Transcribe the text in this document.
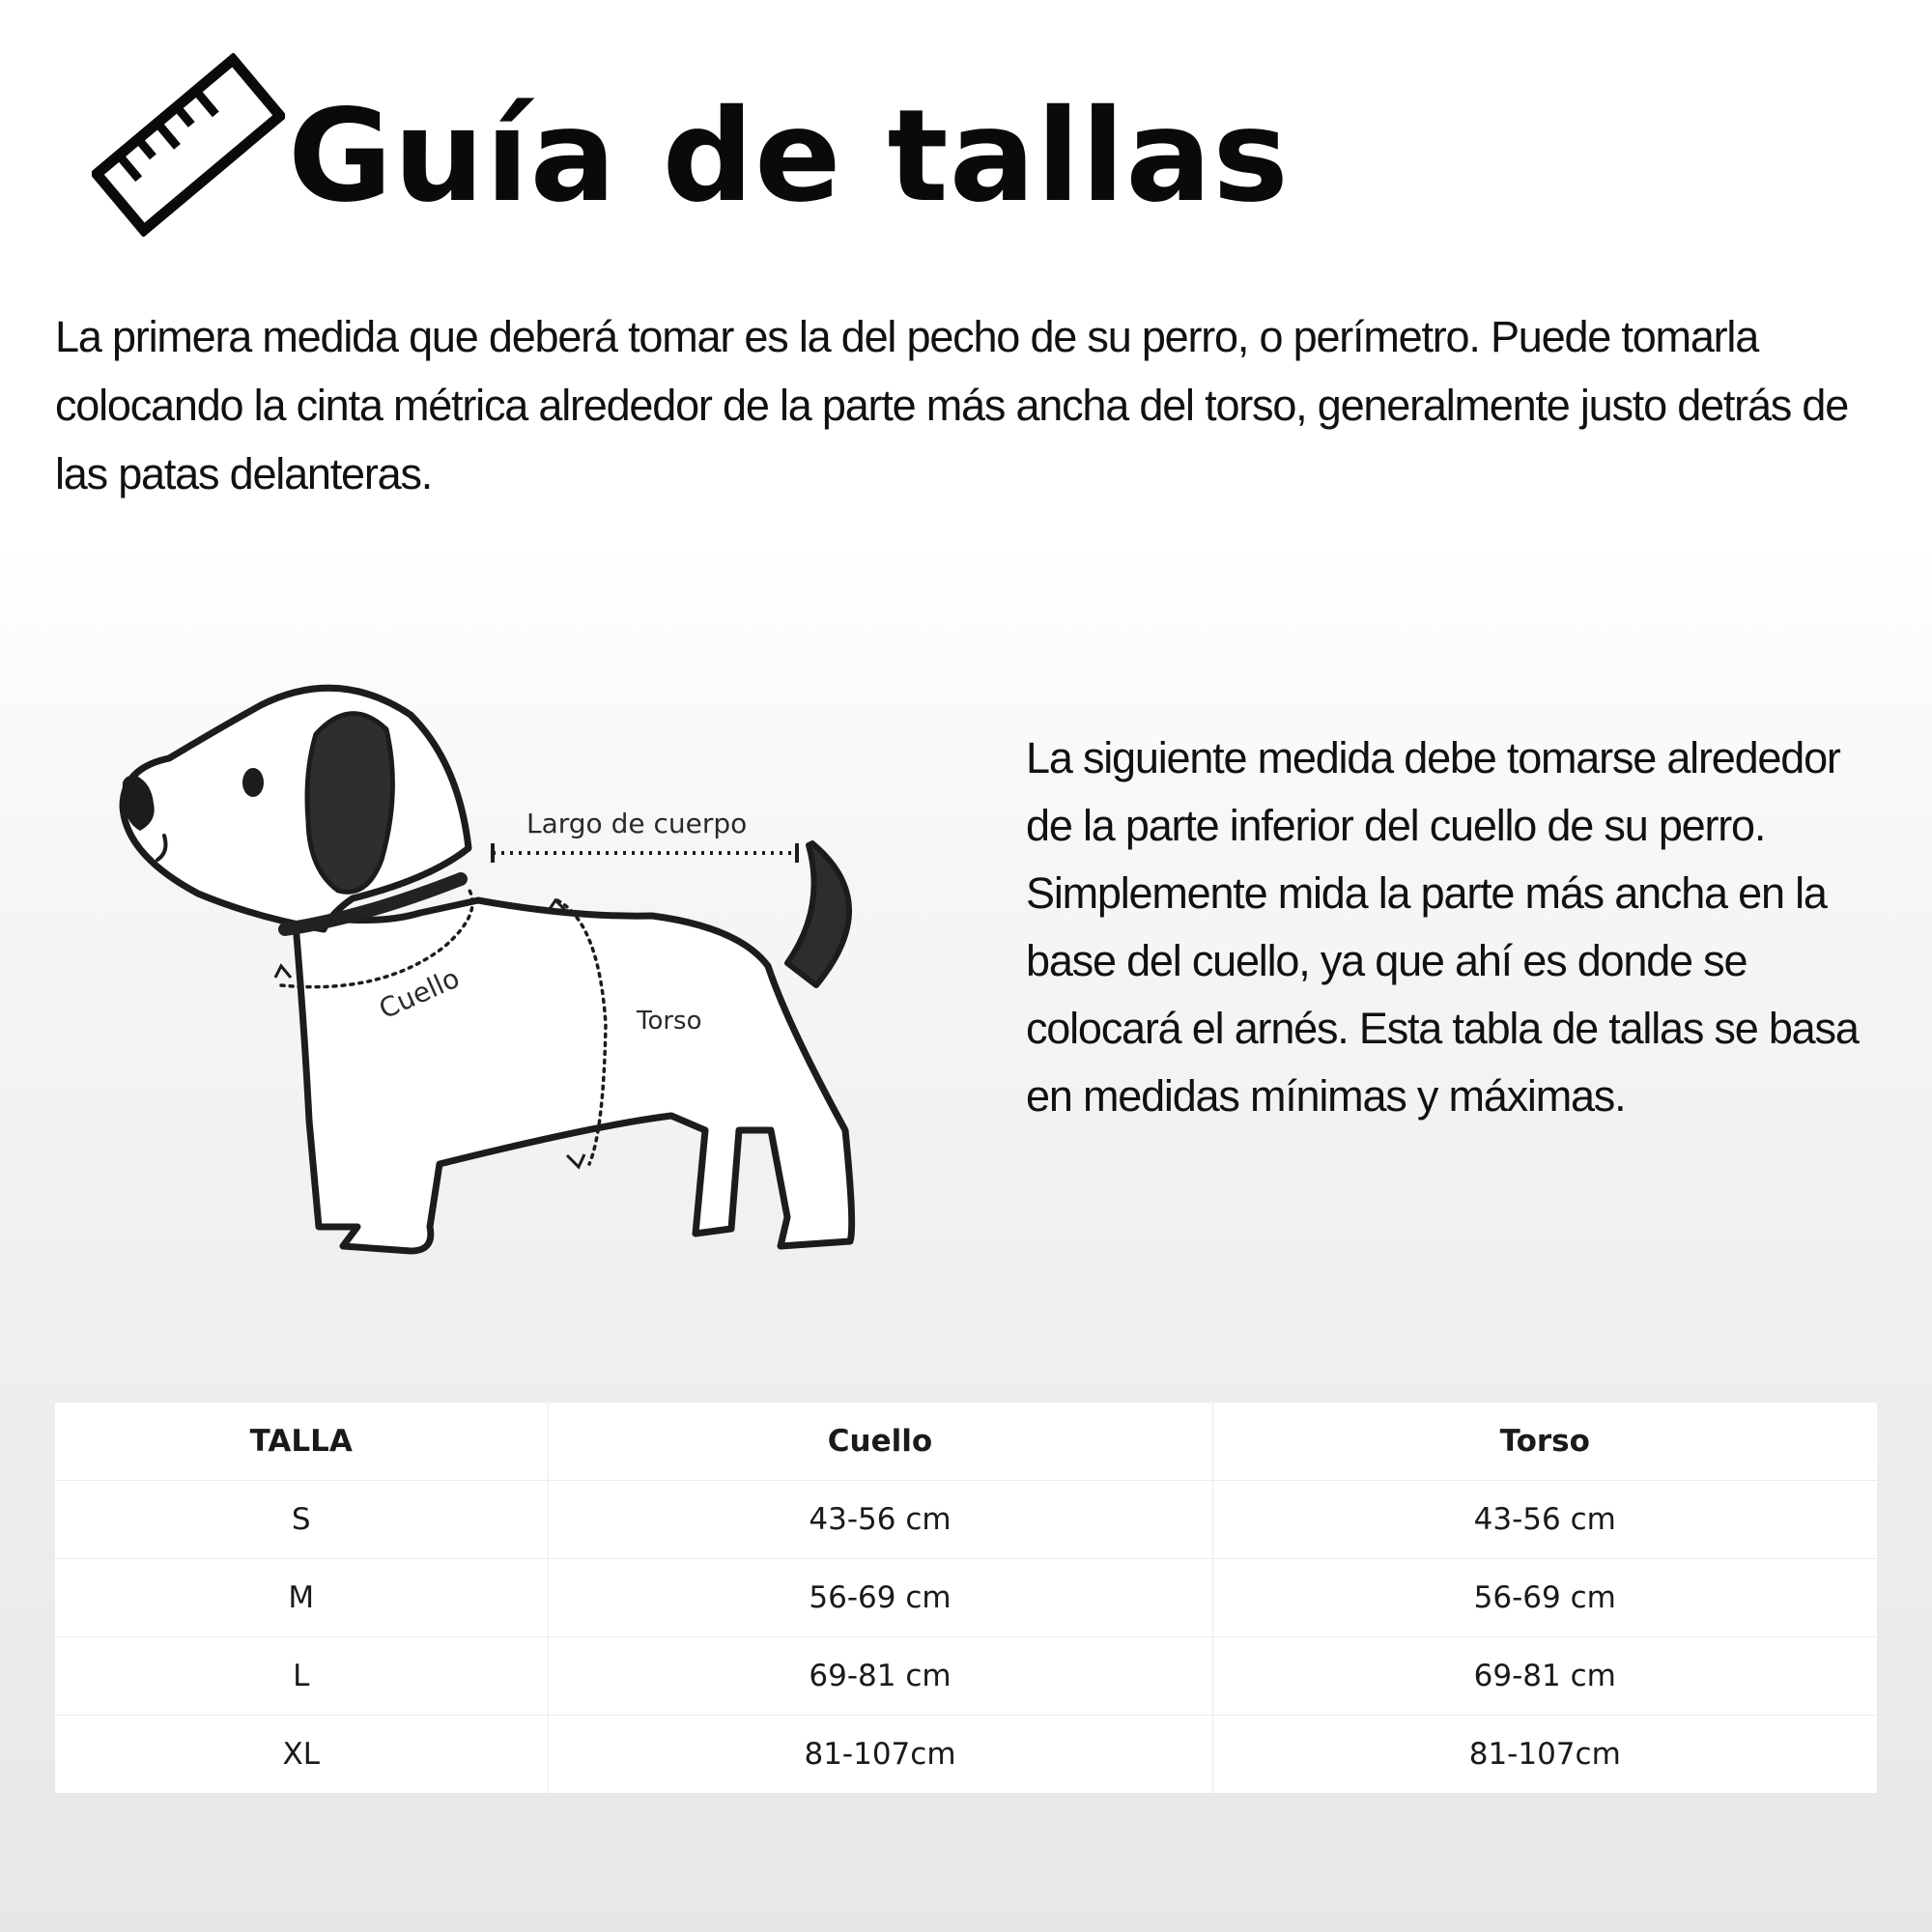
Guía de tallas

La primera medida que deberá tomar es la del pecho de su perro, o perímetro. Puede tomarla colocando la cinta métrica alrededor de la parte más ancha del torso, generalmente justo detrás de las patas delanteras.

Largo de cuerpo
Cuello	Torso

La siguiente medida debe tomarse alrededor de la parte inferior del cuello de su perro. Simplemente mida la parte más ancha en la base del cuello, ya que ahí es donde se colocará el arnés. Esta tabla de tallas se basa en medidas mínimas y máximas.

TALLA	Cuello	Torso
S	43-56 cm	43-56 cm
M	56-69 cm	56-69 cm
L	69-81 cm	69-81 cm
XL	81-107cm	81-107cm
